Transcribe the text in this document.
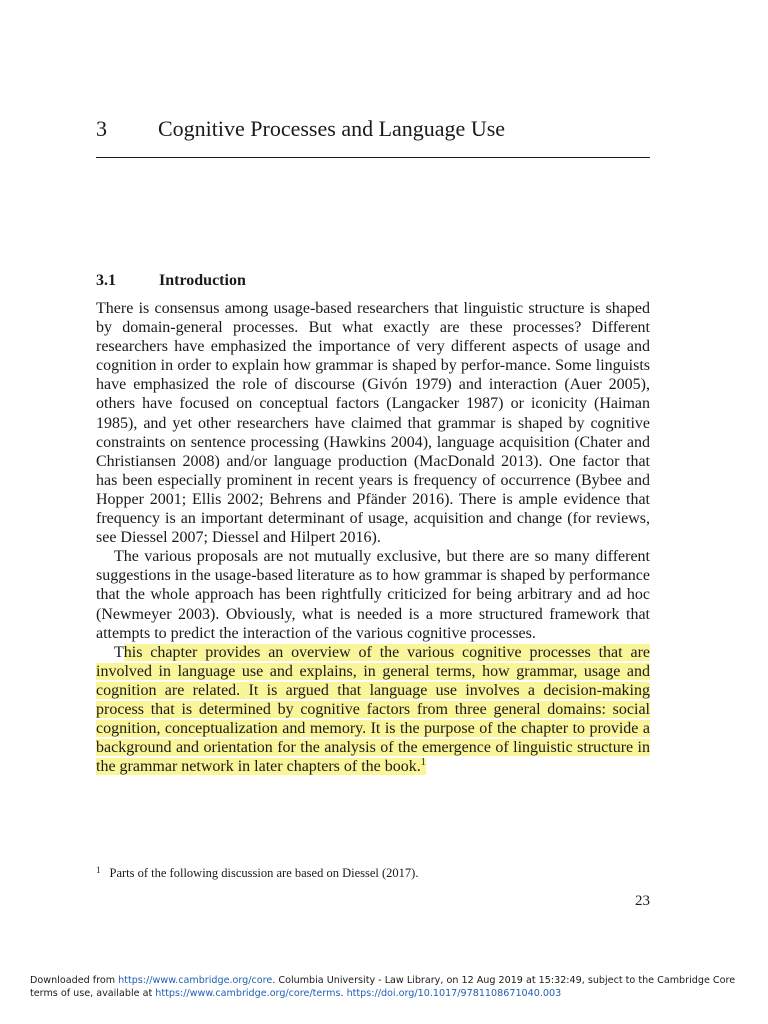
3 Cognitive Processes and Language Use
3.1	Introduction

There is consensus among usage-based researchers that linguistic structure is shaped by domain-general processes. But what exactly are these processes? Different researchers have emphasized the importance of very different aspects of usage and cognition in order to explain how grammar is shaped by perfor-mance. Some linguists have emphasized the role of discourse (Givón 1979) and interaction (Auer 2005), others have focused on conceptual factors (Langacker 1987) or iconicity (Haiman 1985), and yet other researchers have claimed that grammar is shaped by cognitive constraints on sentence processing (Hawkins 2004), language acquisition (Chater and Christiansen 2008) and/or language production (MacDonald 2013). One factor that has been especially prominent in recent years is frequency of occurrence (Bybee and Hopper 2001; Ellis 2002; Behrens and Pfänder 2016). There is ample evidence that frequency is an important determinant of usage, acquisition and change (for reviews, see Diessel 2007; Diessel and Hilpert 2016).

The various proposals are not mutually exclusive, but there are so many different suggestions in the usage-based literature as to how grammar is shaped by performance that the whole approach has been rightfully criticized for being arbitrary and ad hoc (Newmeyer 2003). Obviously, what is needed is a more structured framework that attempts to predict the interaction of the various cognitive processes.

This chapter provides an overview of the various cognitive processes that are involved in language use and explains, in general terms, how grammar, usage and cognition are related. It is argued that language use involves a decision-making process that is determined by cognitive factors from three general domains: social cognition, conceptualization and memory. It is the purpose of the chapter to provide a background and orientation for the analysis of the emergence of linguistic structure in the grammar network in later chapters of the book.$^1$

$^1$ Parts of the following discussion are based on Diessel (2017).
23
Downloaded from https://www.cambridge.org/core. Columbia University - Law Library, on 12 Aug 2019 at 15:32:49, subject to the Cambridge Core terms of use, available at https://www.cambridge.org/core/terms. https://doi.org/10.1017/9781108671040.003
